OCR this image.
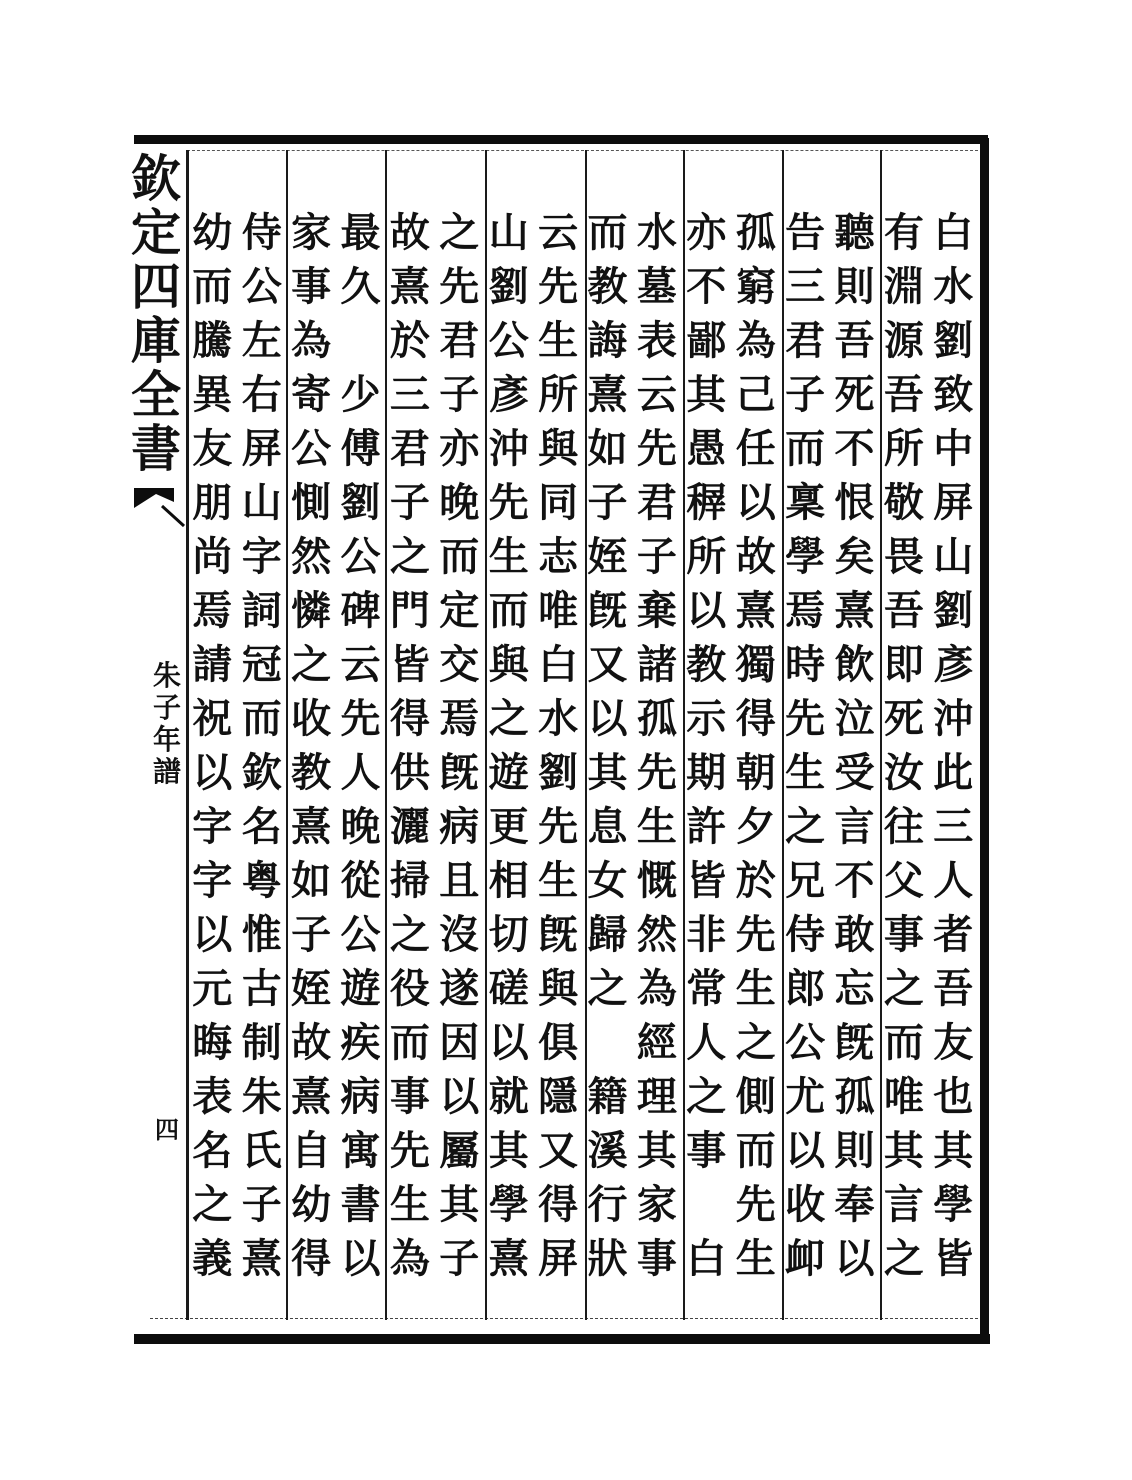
欽
定
四
庫
全
書
朱
子
年
譜
四
白
水
劉
致
中
屏
山
劉
彥
沖
此
三
人
者
吾
友
也
其
學
皆
有
淵
源
吾
所
敬
畏
吾
即
死
汝
往
父
事
之
而
唯
其
言
之
聽
則
吾
死
不
恨
矣
熹
飲
泣
受
言
不
敢
忘
旣
孤
則
奉
以
告
三
君
子
而
稟
學
焉
時
先
生
之
兄
侍
郎
公
尤
以
收
卹
孤
窮
為
己
任
以
故
熹
獨
得
朝
夕
於
先
生
之
側
而
先
生
亦
不
鄙
其
愚
稺
所
以
教
示
期
許
皆
非
常
人
之
事
白
水
墓
表
云
先
君
子
棄
諸
孤
先
生
慨
然
為
經
理
其
家
事
而
教
誨
熹
如
子
姪
旣
又
以
其
息
女
歸
之
籍
溪
行
狀
云
先
生
所
與
同
志
唯
白
水
劉
先
生
旣
與
俱
隱
又
得
屏
山
劉
公
彥
沖
先
生
而
與
之
遊
更
相
切
磋
以
就
其
學
熹
之
先
君
子
亦
晚
而
定
交
焉
旣
病
且
沒
遂
因
以
屬
其
子
故
熹
於
三
君
子
之
門
皆
得
供
灑
掃
之
役
而
事
先
生
為
最
久
少
傅
劉
公
碑
云
先
人
晚
從
公
遊
疾
病
寓
書
以
家
事
為
寄
公
惻
然
憐
之
收
教
熹
如
子
姪
故
熹
自
幼
得
侍
公
左
右
屏
山
字
詞
冠
而
欽
名
粤
惟
古
制
朱
氏
子
熹
幼
而
騰
異
友
朋
尚
焉
請
祝
以
字
字
以
元
晦
表
名
之
義
